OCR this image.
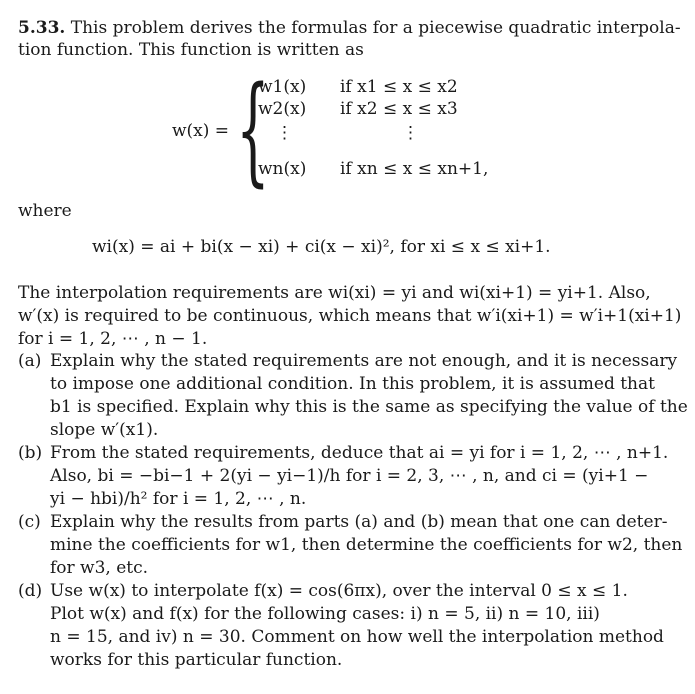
5.33. This problem derives the formulas for a piecewise quadratic interpola-
tion function. This function is written as
w(x) = {
w1(x) if x1 ≤ x ≤ x2
w2(x) if x2 ≤ x ≤ x3
⋮	⋮
wn(x) if xn ≤ x ≤ xn+1,
where
wi(x) = ai + bi(x − xi) + ci(x − xi)², for xi ≤ x ≤ xi+1.
The interpolation requirements are wi(xi) = yi and wi(xi+1) = yi+1. Also,
w′(x) is required to be continuous, which means that w′i(xi+1) = w′i+1(xi+1)
for i = 1, 2, ⋯ , n − 1.
(a) Explain why the stated requirements are not enough, and it is necessary
to impose one additional condition. In this problem, it is assumed that
b1 is specified. Explain why this is the same as specifying the value of the
slope w′(x1).
(b) From the stated requirements, deduce that ai = yi for i = 1, 2, ⋯ , n+1.
Also, bi = −bi−1 + 2(yi − yi−1)/h for i = 2, 3, ⋯ , n, and ci = (yi+1 −
yi − hbi)/h² for i = 1, 2, ⋯ , n.
(c) Explain why the results from parts (a) and (b) mean that one can deter-
mine the coefficients for w1, then determine the coefficients for w2, then
for w3, etc.
(d) Use w(x) to interpolate f(x) = cos(6πx), over the interval 0 ≤ x ≤ 1.
Plot w(x) and f(x) for the following cases: i) n = 5, ii) n = 10, iii)
n = 15, and iv) n = 30. Comment on how well the interpolation method
works for this particular function.
